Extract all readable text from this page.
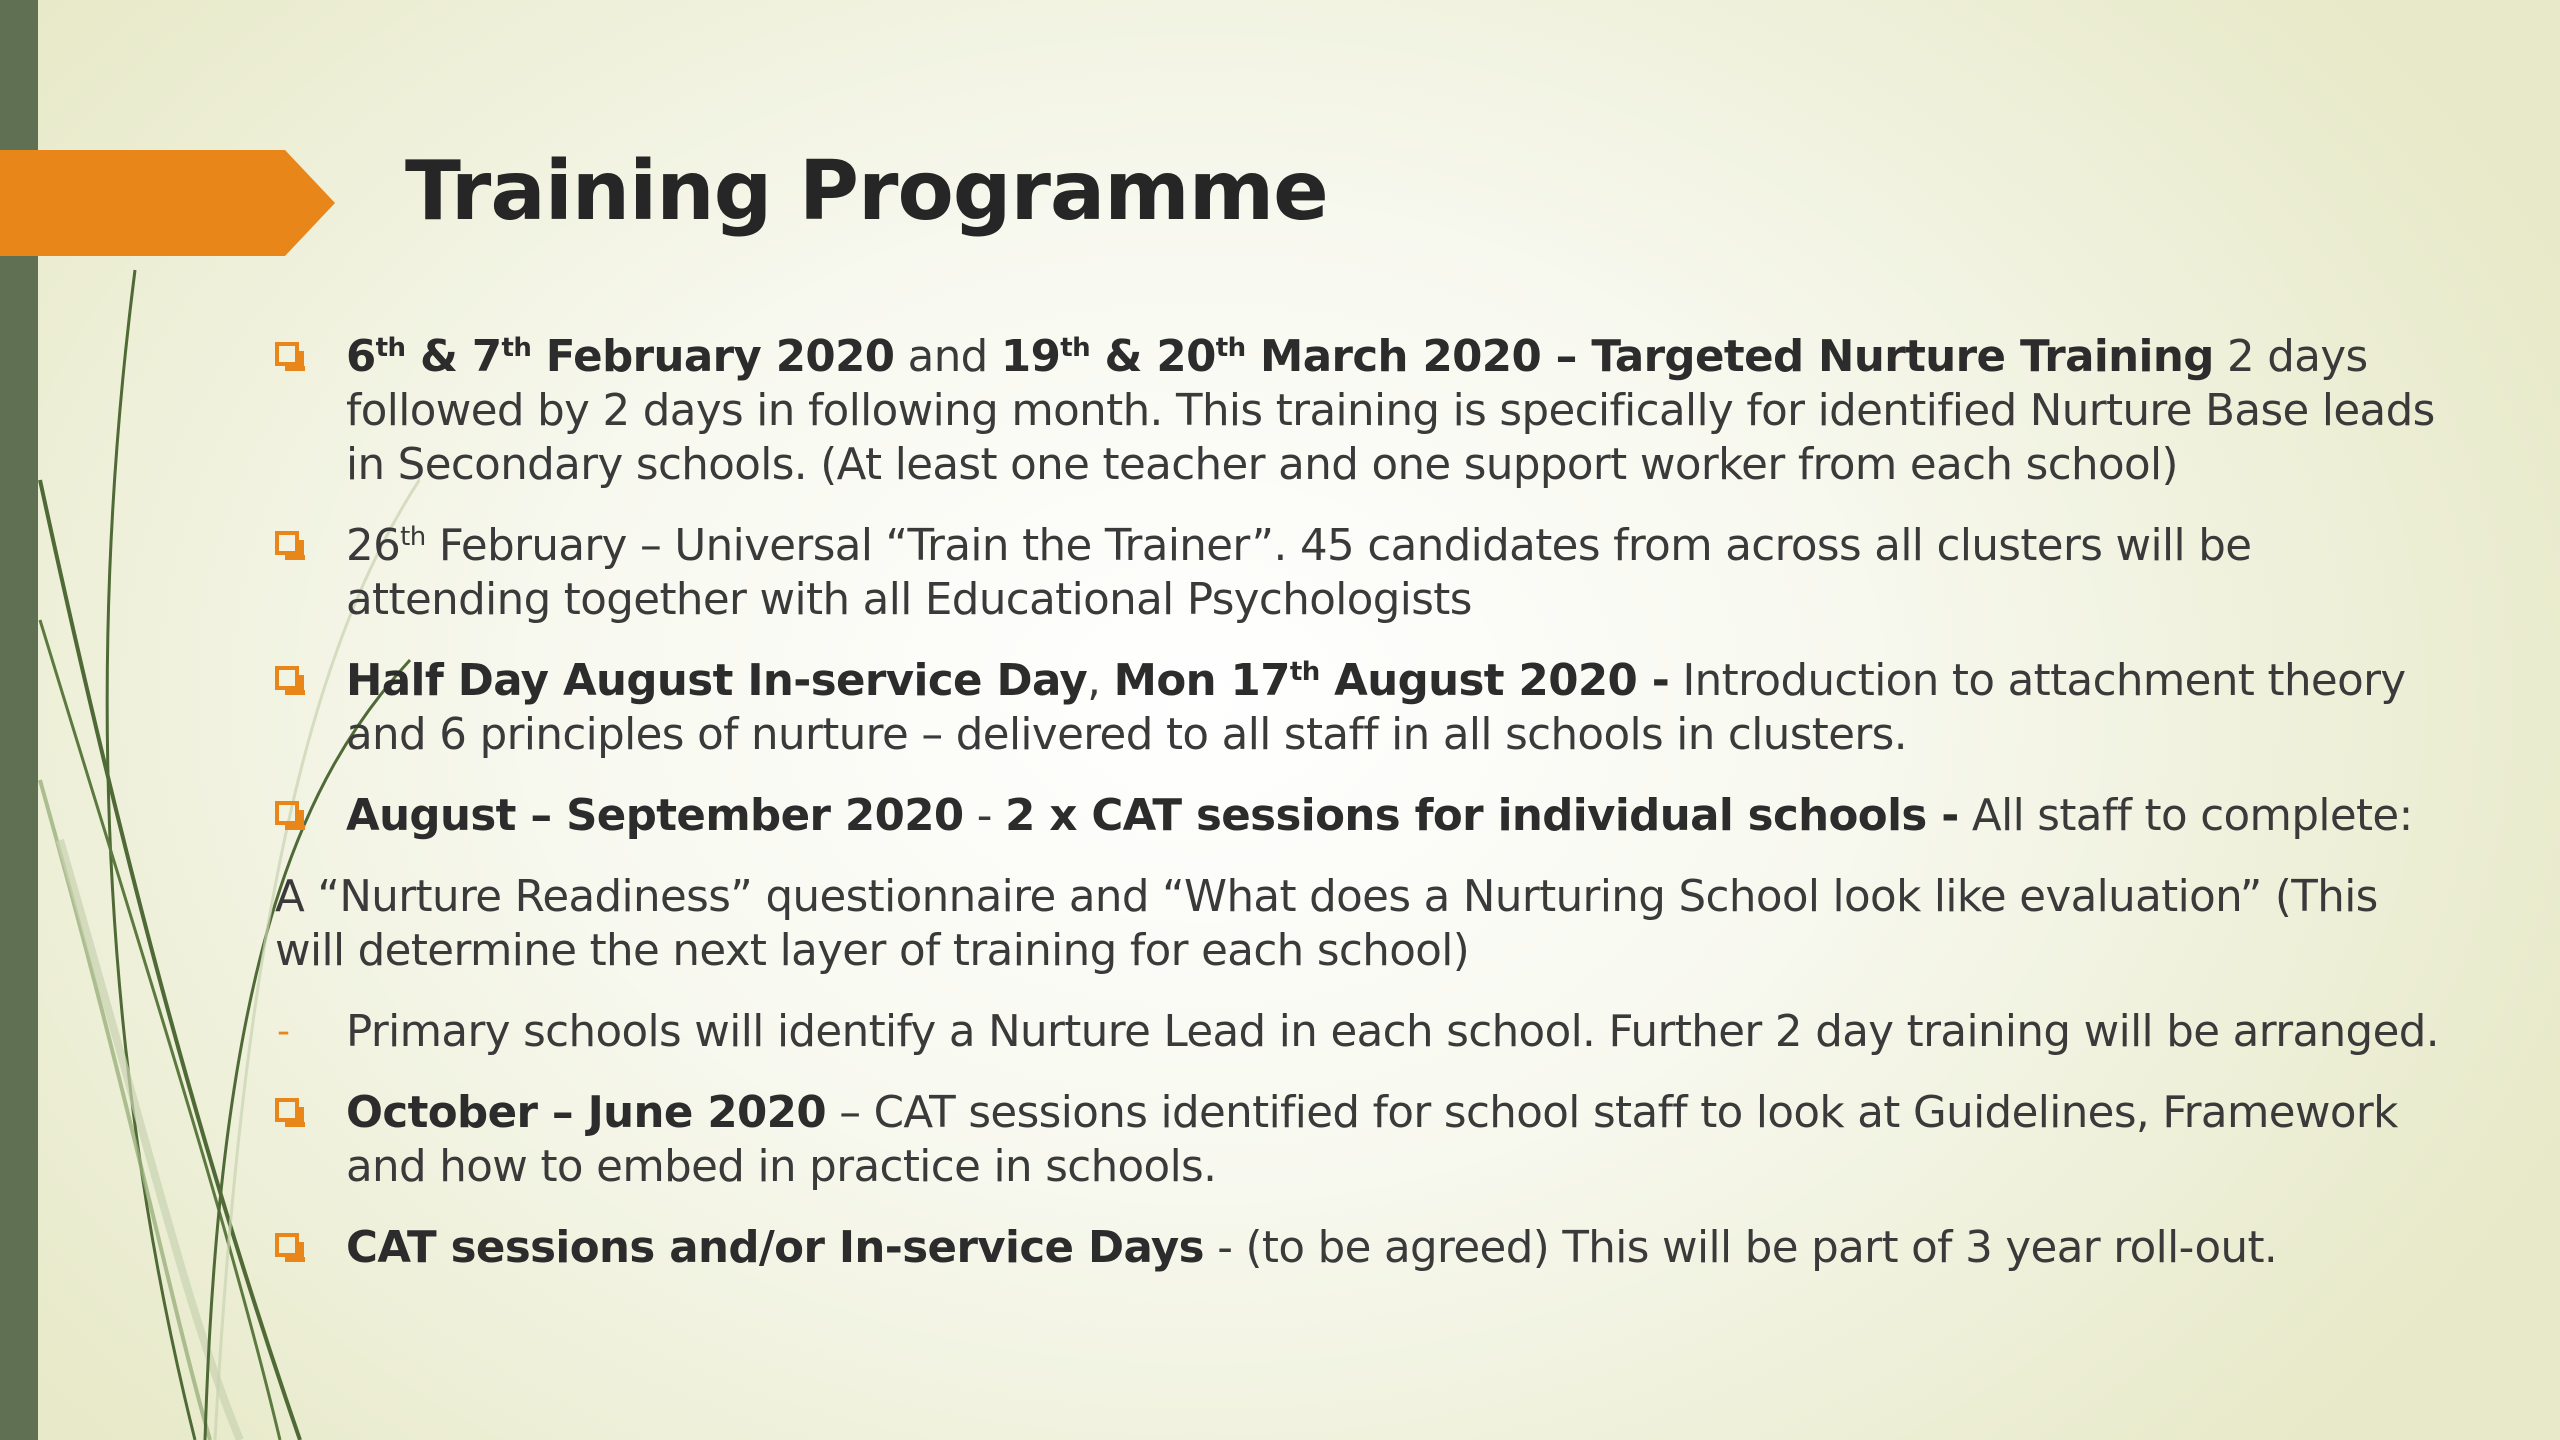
Training Programme
6th & 7th February 2020 and 19th & 20th March 2020 – Targeted Nurture Training 2 days followed by 2 days in following month. This training is specifically for identified Nurture Base leads in Secondary schools. (At least one teacher and one support worker from each school)
26th February – Universal “Train the Trainer”. 45 candidates from across all clusters will be attending together with all Educational Psychologists
Half Day August In-service Day, Mon 17th August 2020 - Introduction to attachment theory and 6 principles of nurture – delivered to all staff in all schools in clusters.
August – September 2020 - 2 x CAT sessions for individual schools - All staff to complete:
A “Nurture Readiness” questionnaire and “What does a Nurturing School look like evaluation” (This will determine the next layer of training for each school)
- Primary schools will identify a Nurture Lead in each school. Further 2 day training will be arranged.
October – June 2020 – CAT sessions identified for school staff to look at Guidelines, Framework and how to embed in practice in schools.
CAT sessions and/or In-service Days - (to be agreed) This will be part of 3 year roll-out.
